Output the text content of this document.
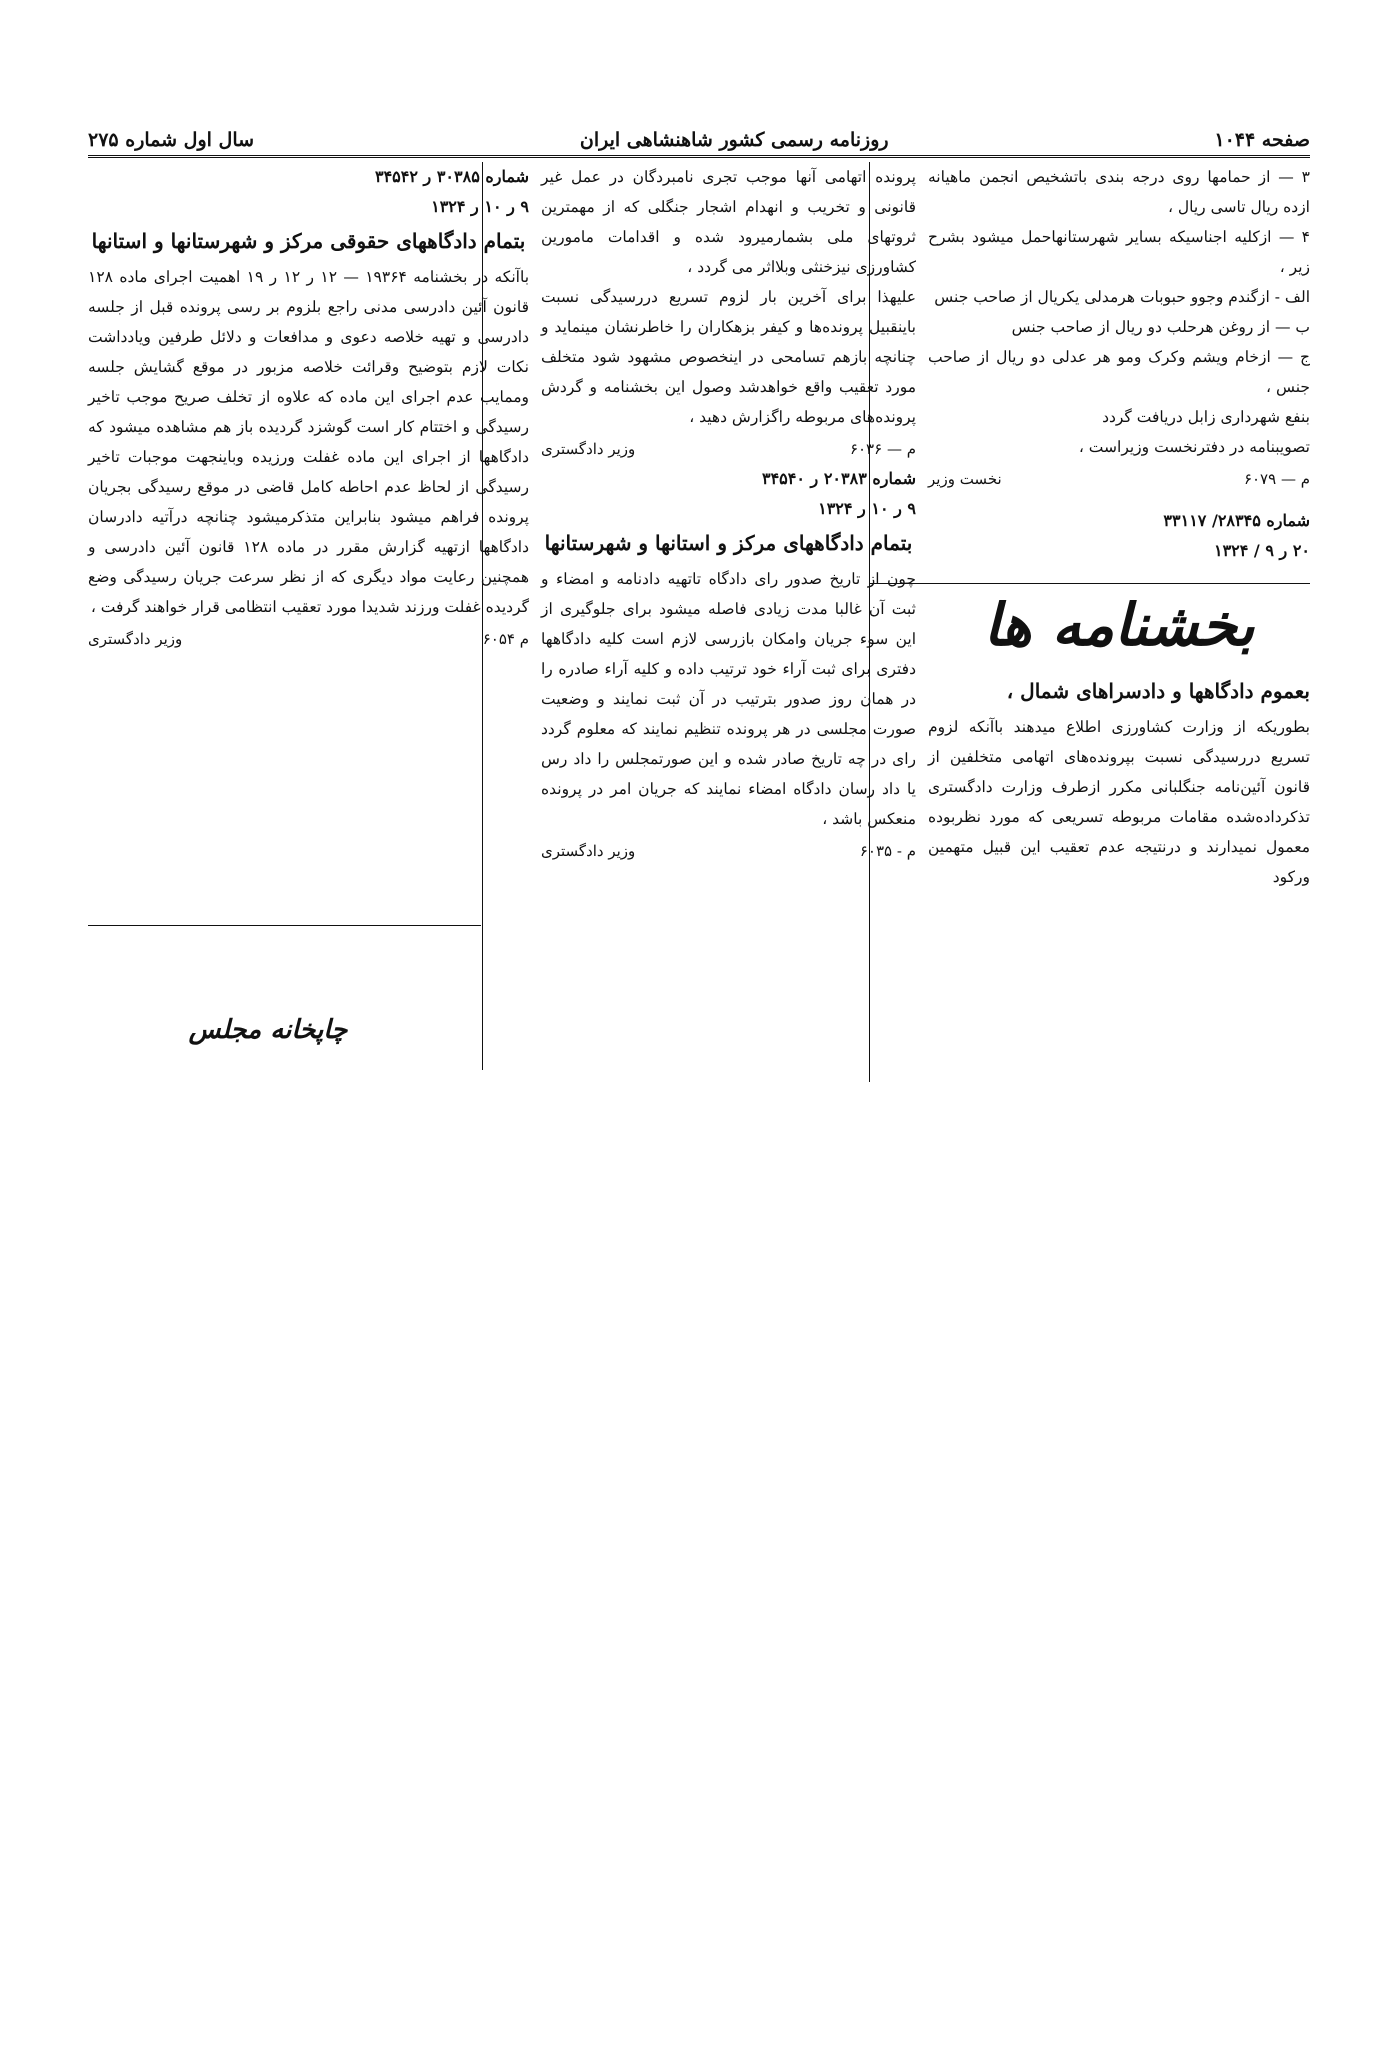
صفحه ۱۰۴۴
روزنامه رسمی کشور شاهنشاهی ایران
سال اول شماره ۲۷۵

۳ — از حمامها روی درجه بندی باتشخیص انجمن ماهیانه ازده ریال تاسی ریال ،

۴ — ازکلیه اجناسیکه بسایر شهرستانهاحمل میشود بشرح زیر ،

الف - ازگندم وجوو حبوبات هرمدلی یکریال از صاحب جنس

ب — از روغن هرحلب دو ریال از صاحب جنس

ج — ازخام ویشم وکرک ومو هر عدلی دو ریال از صاحب جنس ،

بنفع شهرداری زابل دریافت گردد

تصویبنامه در دفترنخست وزیراست ،

م — ۶۰۷۹
نخست وزیر

شماره ۲۸۳۴۵/ ۳۳۱۱۷

۲۰ ر ۹ / ۱۳۲۴

بخشنامه ها
بعموم دادگاهها و دادسراهای شمال ،

بطوریکه از وزارت کشاورزی اطلاع میدهند باآنکه لزوم تسریع دررسیدگی نسبت بپرونده‌های اتهامی متخلفین از قانون آئین‌نامه جنگلبانی مکرر ازطرف وزارت دادگستری تذکرداده‌شده مقامات مربوطه تسریعی که مورد نظربوده معمول نمیدارند و درنتیجه عدم تعقیب این قبیل متهمین ورکود

پرونده اتهامی آنها موجب تجری نامبردگان در عمل غیر قانونی و تخریب و انهدام اشجار جنگلی که از مهمترین ثروتهای ملی بشمارمیرود شده و اقدامات مامورین کشاورزی نیزخنثی وبلااثر می گردد ،

علیهذا برای آخرین بار لزوم تسریع دررسیدگی نسبت باینقبیل پرونده‌ها و کیفر بزهکاران را خاطرنشان مینماید و چنانچه بازهم تسامحی در اینخصوص مشهود شود متخلف مورد تعقیب واقع خواهدشد وصول این بخشنامه و گردش پرونده‌های مربوطه راگزارش دهید ،

م — ۶۰۳۶
وزیر دادگستری

شماره ۲۰۳۸۳ ر ۳۴۵۴۰

۹ ر ۱۰ ر ۱۳۲۴

بتمام دادگاههای مرکز و استانها و شهرستانها

چون از تاریخ صدور رای دادگاه تاتهیه دادنامه و امضاء و ثبت آن غالبا مدت زیادی فاصله میشود برای جلوگیری از این سوء جریان وامکان بازرسی لازم است کلیه دادگاهها دفتری برای ثبت آراء خود ترتیب داده و کلیه آراء صادره را در همان روز صدور بترتیب در آن ثبت نمایند و وضعیت صورت مجلسی در هر پرونده تنظیم نمایند که معلوم گردد رای در چه تاریخ صادر شده و این صورتمجلس را داد رس یا داد رسان دادگاه امضاء نمایند که جریان امر در پرونده منعکس باشد ،

م - ۶۰۳۵
وزیر دادگستری

شماره ۳۰۳۸۵ ر ۳۴۵۴۲

۹ ر ۱۰ ر ۱۳۲۴

بتمام دادگاههای حقوقی مرکز و شهرستانها و استانها

باآنکه در بخشنامه ۱۹۳۶۴ — ۱۲ ر ۱۲ ر ۱۹ اهمیت اجرای ماده ۱۲۸ قانون آئین دادرسی مدنی راجع بلزوم بر رسی پرونده قبل از جلسه دادرسی و تهیه خلاصه دعوی و مدافعات و دلائل طرفین ویادداشت نکات لازم بتوضیح وقرائت خلاصه مزبور در موقع گشایش جلسه وممایب عدم اجرای این ماده که علاوه از تخلف صریح موجب تاخیر رسیدگی و اختتام کار است گوشزد گردیده باز هم مشاهده میشود که دادگاهها از اجرای این ماده غفلت ورزیده وباینجهت موجبات تاخیر رسیدگی از لحاظ عدم احاطه کامل قاضی در موقع رسیدگی بجریان پرونده فراهم میشود بنابراین متذکرمیشود چنانچه درآتیه دادرسان دادگاهها ازتهیه گزارش مقرر در ماده ۱۲۸ قانون آئین دادرسی و همچنین رعایت مواد دیگری که از نظر سرعت جریان رسیدگی وضع گردیده غفلت ورزند شدیدا مورد تعقیب انتظامی قرار خواهند گرفت ،

م ۶۰۵۴
وزیر دادگستری
چاپخانه مجلس
